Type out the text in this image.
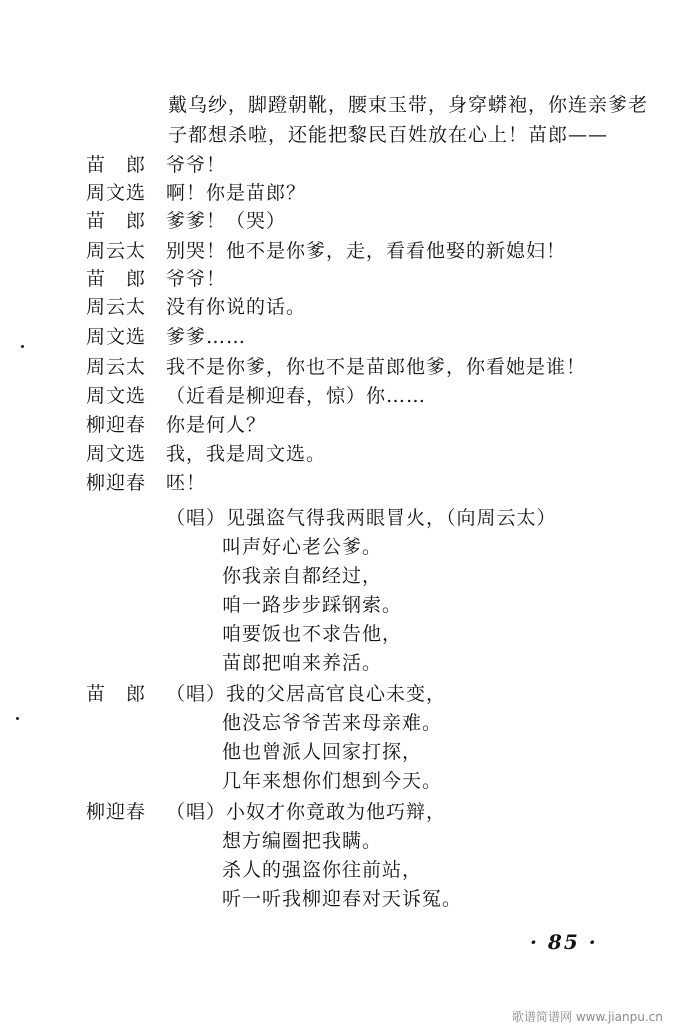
戴乌纱，脚蹬朝靴，腰束玉带，身穿蟒袍，你连亲爹老
子都想杀啦，还能把黎民百姓放在心上！苗郎——
苗　郎 爷爷！
周文选 啊！你是苗郎？
苗　郎 爹爹！（哭）
周云太 别哭！他不是你爹，走，看看他娶的新媳妇！
苗　郎 爷爷！
周云太 没有你说的话。
周文选 爹爹……
周云太 我不是你爹，你也不是苗郎他爹，你看她是谁！
周文选 （近看是柳迎春，惊）你……
柳迎春 你是何人？
周文选 我，我是周文选。
柳迎春 呸！
（唱）见强盗气得我两眼冒火，（向周云太）
叫声好心老公爹。
你我亲自都经过，
咱一路步步踩钢索。
咱要饭也不求告他，
苗郎把咱来养活。
苗　郎 （唱）我的父居高官良心未变，
他没忘爷爷苦来母亲难。
他也曾派人回家打探，
几年来想你们想到今天。
柳迎春 （唱）小奴才你竟敢为他巧辩，
想方编圈把我瞒。
杀人的强盗你往前站，
听一听我柳迎春对天诉冤。
· 85 ·
歌谱简谱网 www.jianpu.cn
